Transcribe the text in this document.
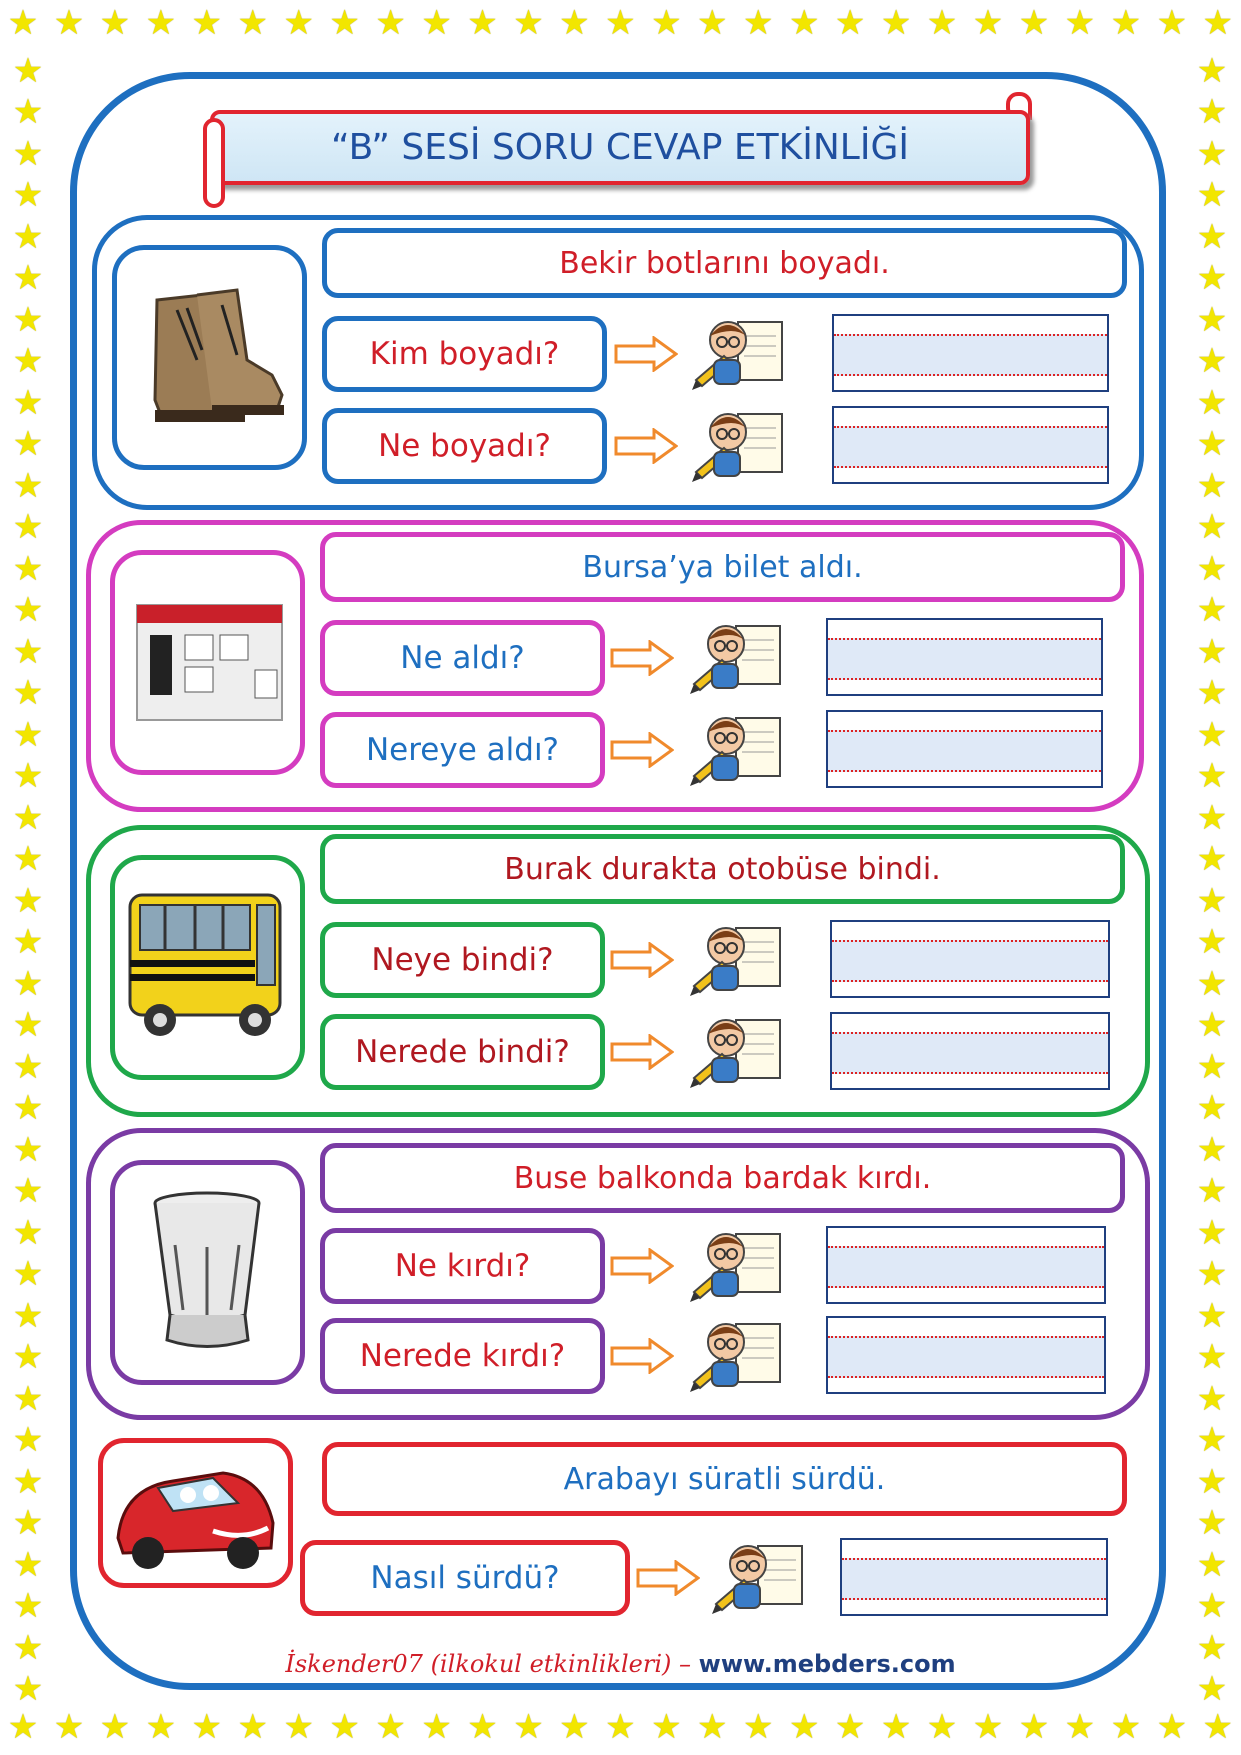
★ ★ ★ ★ ★ ★ ★ ★ ★ ★ ★ ★ ★ ★ ★ ★ ★ ★ ★ ★ ★ ★ ★ ★ ★ ★ ★
★ ★ ★ ★ ★ ★ ★ ★ ★ ★ ★ ★ ★ ★ ★ ★ ★ ★ ★ ★ ★ ★ ★ ★ ★ ★ ★
★
★
★
★
★
★
★
★
★
★
★
★
★
★
★
★
★
★
★
★
★
★
★
★
★
★
★
★
★
★
★
★
★
★
★
★
★
★
★
★
★
★
★
★
★
★
★
★
★
★
★
★
★
★
★
★
★
★
★
★
★
★
★
★
★
★
★
★
★
★
★
★
★
★
★
★
★
★
★
★
“B” SESİ SORU CEVAP ETKİNLİĞİ
Bekir botlarını boyadı.
Kim boyadı?
Ne boyadı?
Bursa’ya bilet aldı.
Ne aldı?
Nereye aldı?
Burak durakta otobüse bindi.
Neye bindi?
Nerede bindi?
Buse balkonda bardak kırdı.
Ne kırdı?
Nerede kırdı?
Arabayı süratli sürdü.
Nasıl sürdü?
İskender07 (ilkokul etkinlikleri) – www.mebders.com
